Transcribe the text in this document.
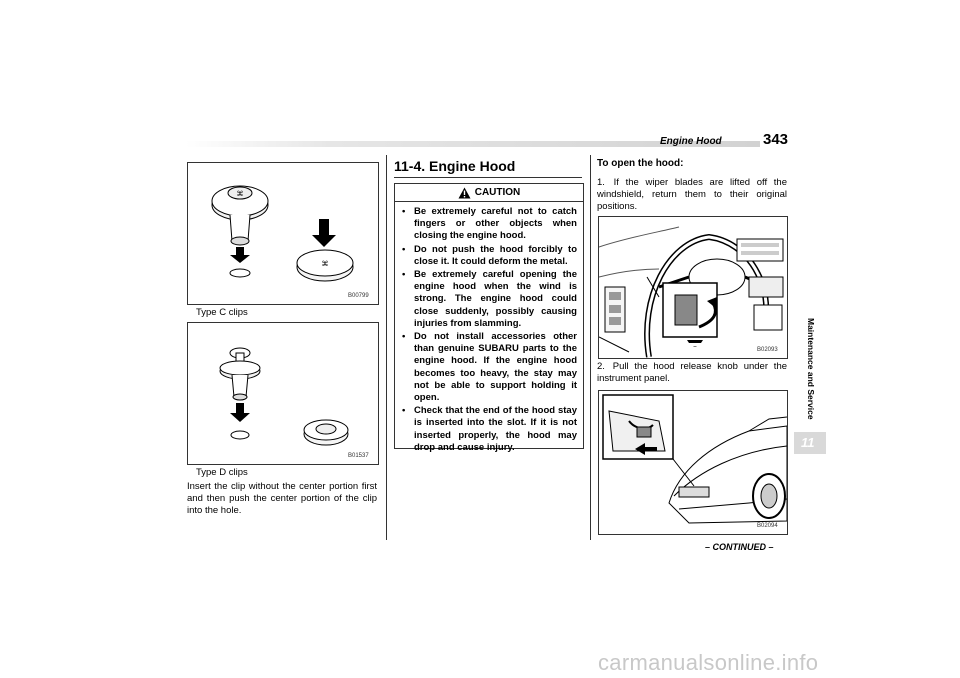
Engine Hood	343
⌘
⌘
B00799
Type C clips
B01537
Type D clips
Insert the clip without the center portion first and then push the center portion of the clip into the hole.
11-4. Engine Hood
CAUTION
• Be extremely careful not to catch fingers or other objects when closing the engine hood.
• Do not push the hood forcibly to close it. It could deform the metal.
• Be extremely careful opening the engine hood when the wind is strong. The engine hood could close suddenly, possibly causing injuries from slamming.
• Do not install accessories other than genuine SUBARU parts to the engine hood. If the engine hood becomes too heavy, the stay may not be able to support holding it open.
• Check that the end of the hood stay is inserted into the slot. If it is not inserted properly, the hood may drop and cause injury.
To open the hood:
1. If the wiper blades are lifted off the windshield, return them to their original positions.
⎯	B02093
2. Pull the hood release knob under the instrument panel.
B02094
– CONTINUED –
Maintenance and Service
11
carmanualsonline.info
